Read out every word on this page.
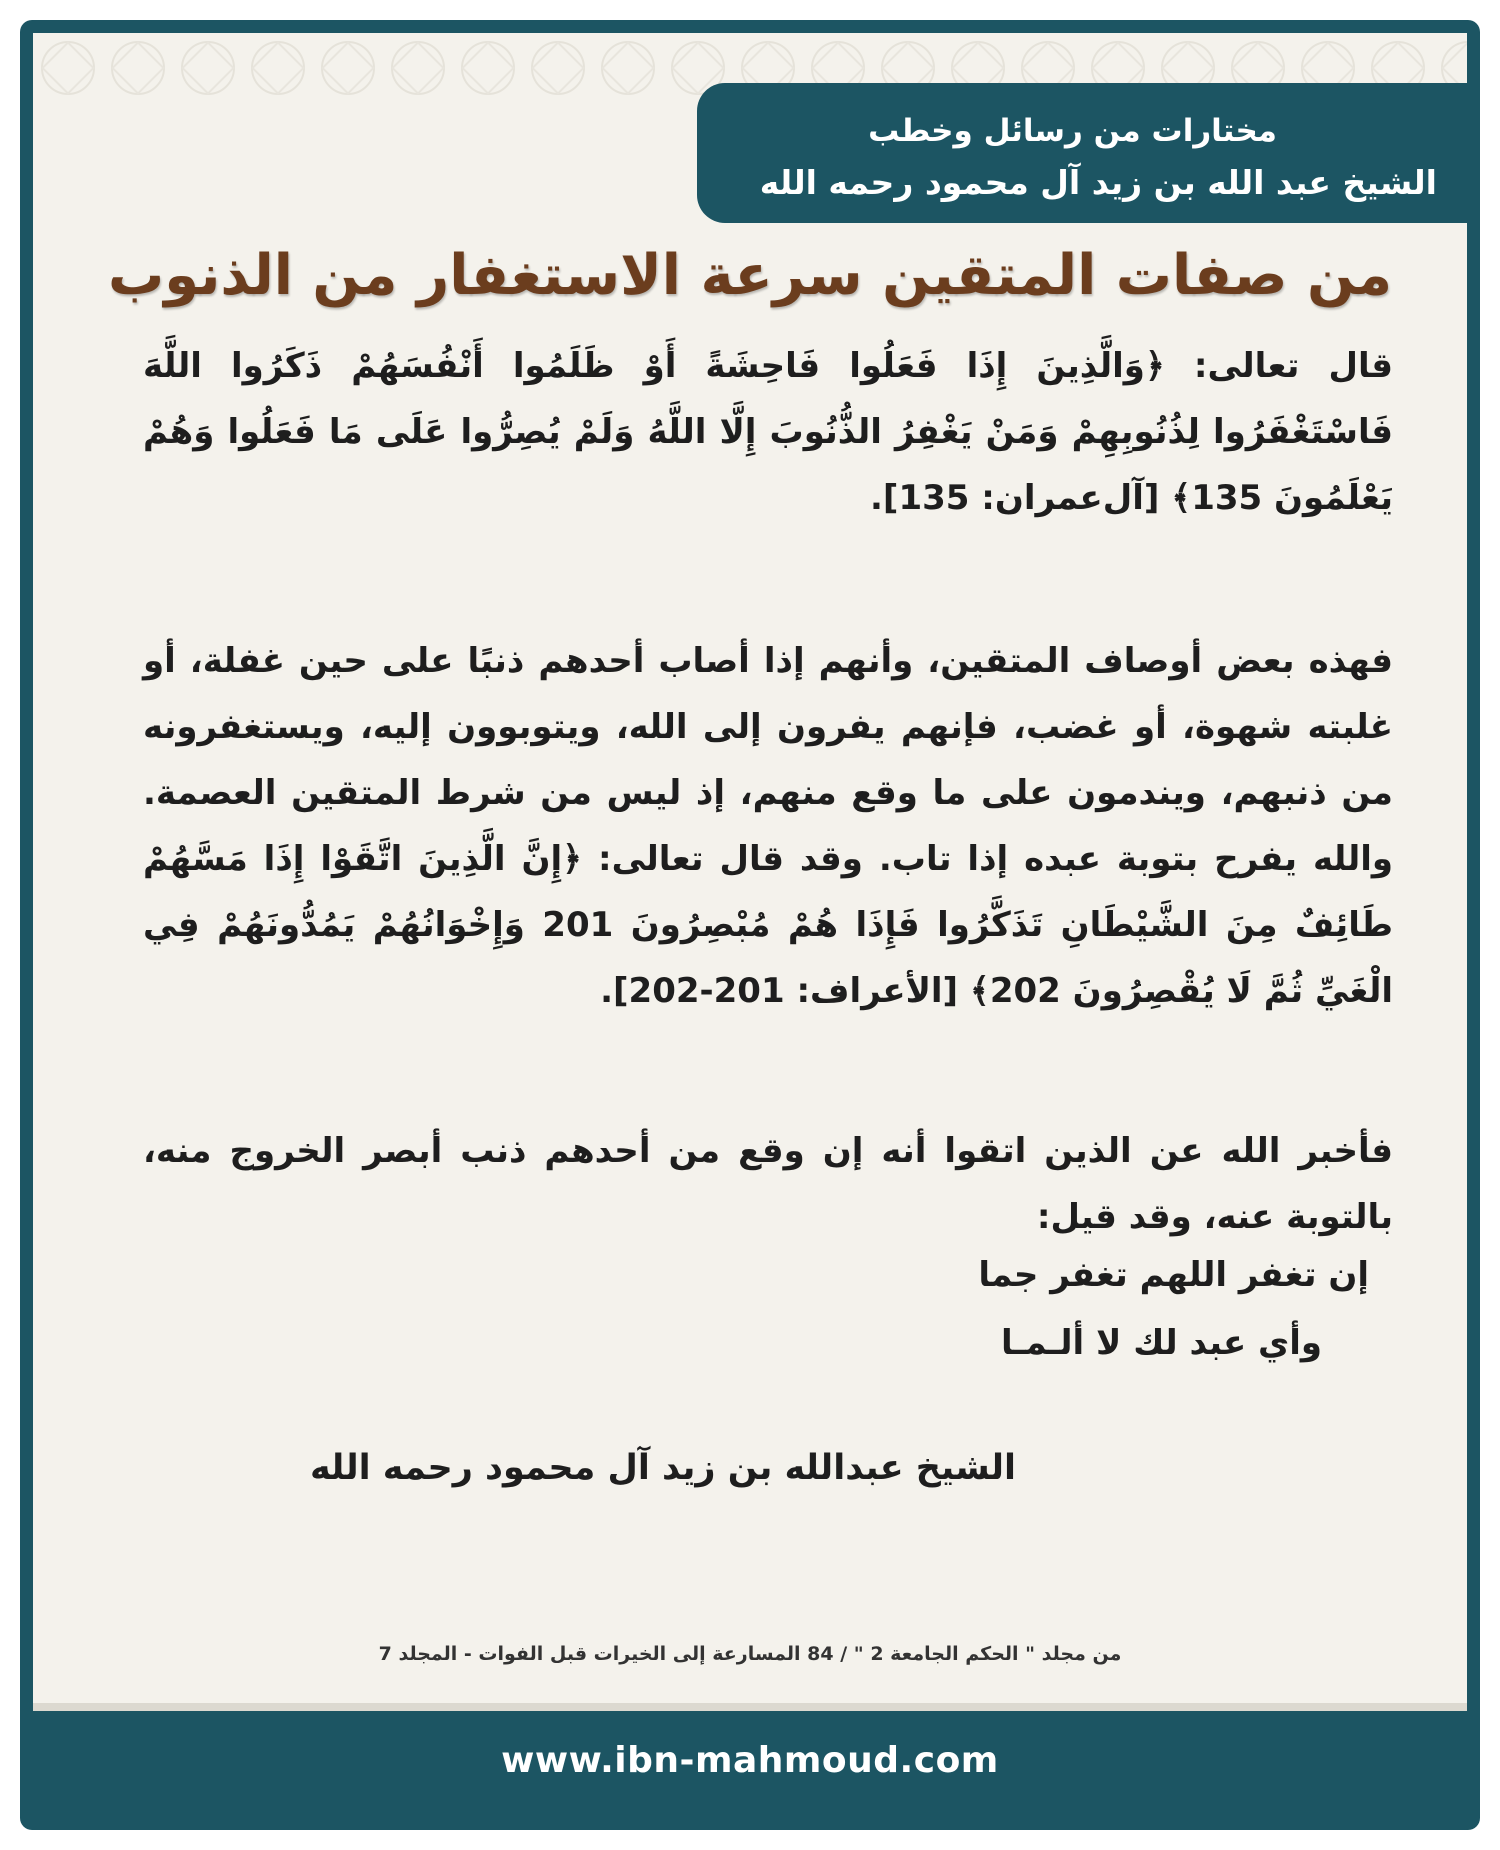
مختارات من رسائل وخطب
الشيخ عبد الله بن زيد آل محمود رحمه الله
من صفات المتقين سرعة الاستغفار من الذنوب
قال تعالى: ﴿وَالَّذِينَ إِذَا فَعَلُوا فَاحِشَةً أَوْ ظَلَمُوا أَنْفُسَهُمْ ذَكَرُوا اللَّهَ فَاسْتَغْفَرُوا لِذُنُوبِهِمْ وَمَنْ يَغْفِرُ الذُّنُوبَ إِلَّا اللَّهُ وَلَمْ يُصِرُّوا عَلَى مَا فَعَلُوا وَهُمْ يَعْلَمُونَ 135﴾ [آل‌عمران: 135].
فهذه بعض أوصاف المتقين، وأنهم إذا أصاب أحدهم ذنبًا على حين غفلة، أو غلبته شهوة، أو غضب، فإنهم يفرون إلى الله، ويتوبوون إليه، ويستغفرونه من ذنبهم، ويندمون على ما وقع منهم، إذ ليس من شرط المتقين العصمة. والله يفرح بتوبة عبده إذا تاب. وقد قال تعالى: ﴿إِنَّ الَّذِينَ اتَّقَوْا إِذَا مَسَّهُمْ طَائِفٌ مِنَ الشَّيْطَانِ تَذَكَّرُوا فَإِذَا هُمْ مُبْصِرُونَ 201 وَإِخْوَانُهُمْ يَمُدُّونَهُمْ فِي الْغَيِّ ثُمَّ لَا يُقْصِرُونَ 202﴾ [الأعراف: 201-202].
فأخبر الله عن الذين اتقوا أنه إن وقع من أحدهم ذنب أبصر الخروج منه، بالتوبة عنه، وقد قيل:
إن تغفر اللهم تغفر جما
وأي عبد لك لا ألـمـا
الشيخ عبدالله بن زيد آل محمود رحمه الله
من مجلد " الحكم الجامعة 2 " / 84 المسارعة إلى الخيرات قبل الفوات - المجلد 7
www.ibn-mahmoud.com
